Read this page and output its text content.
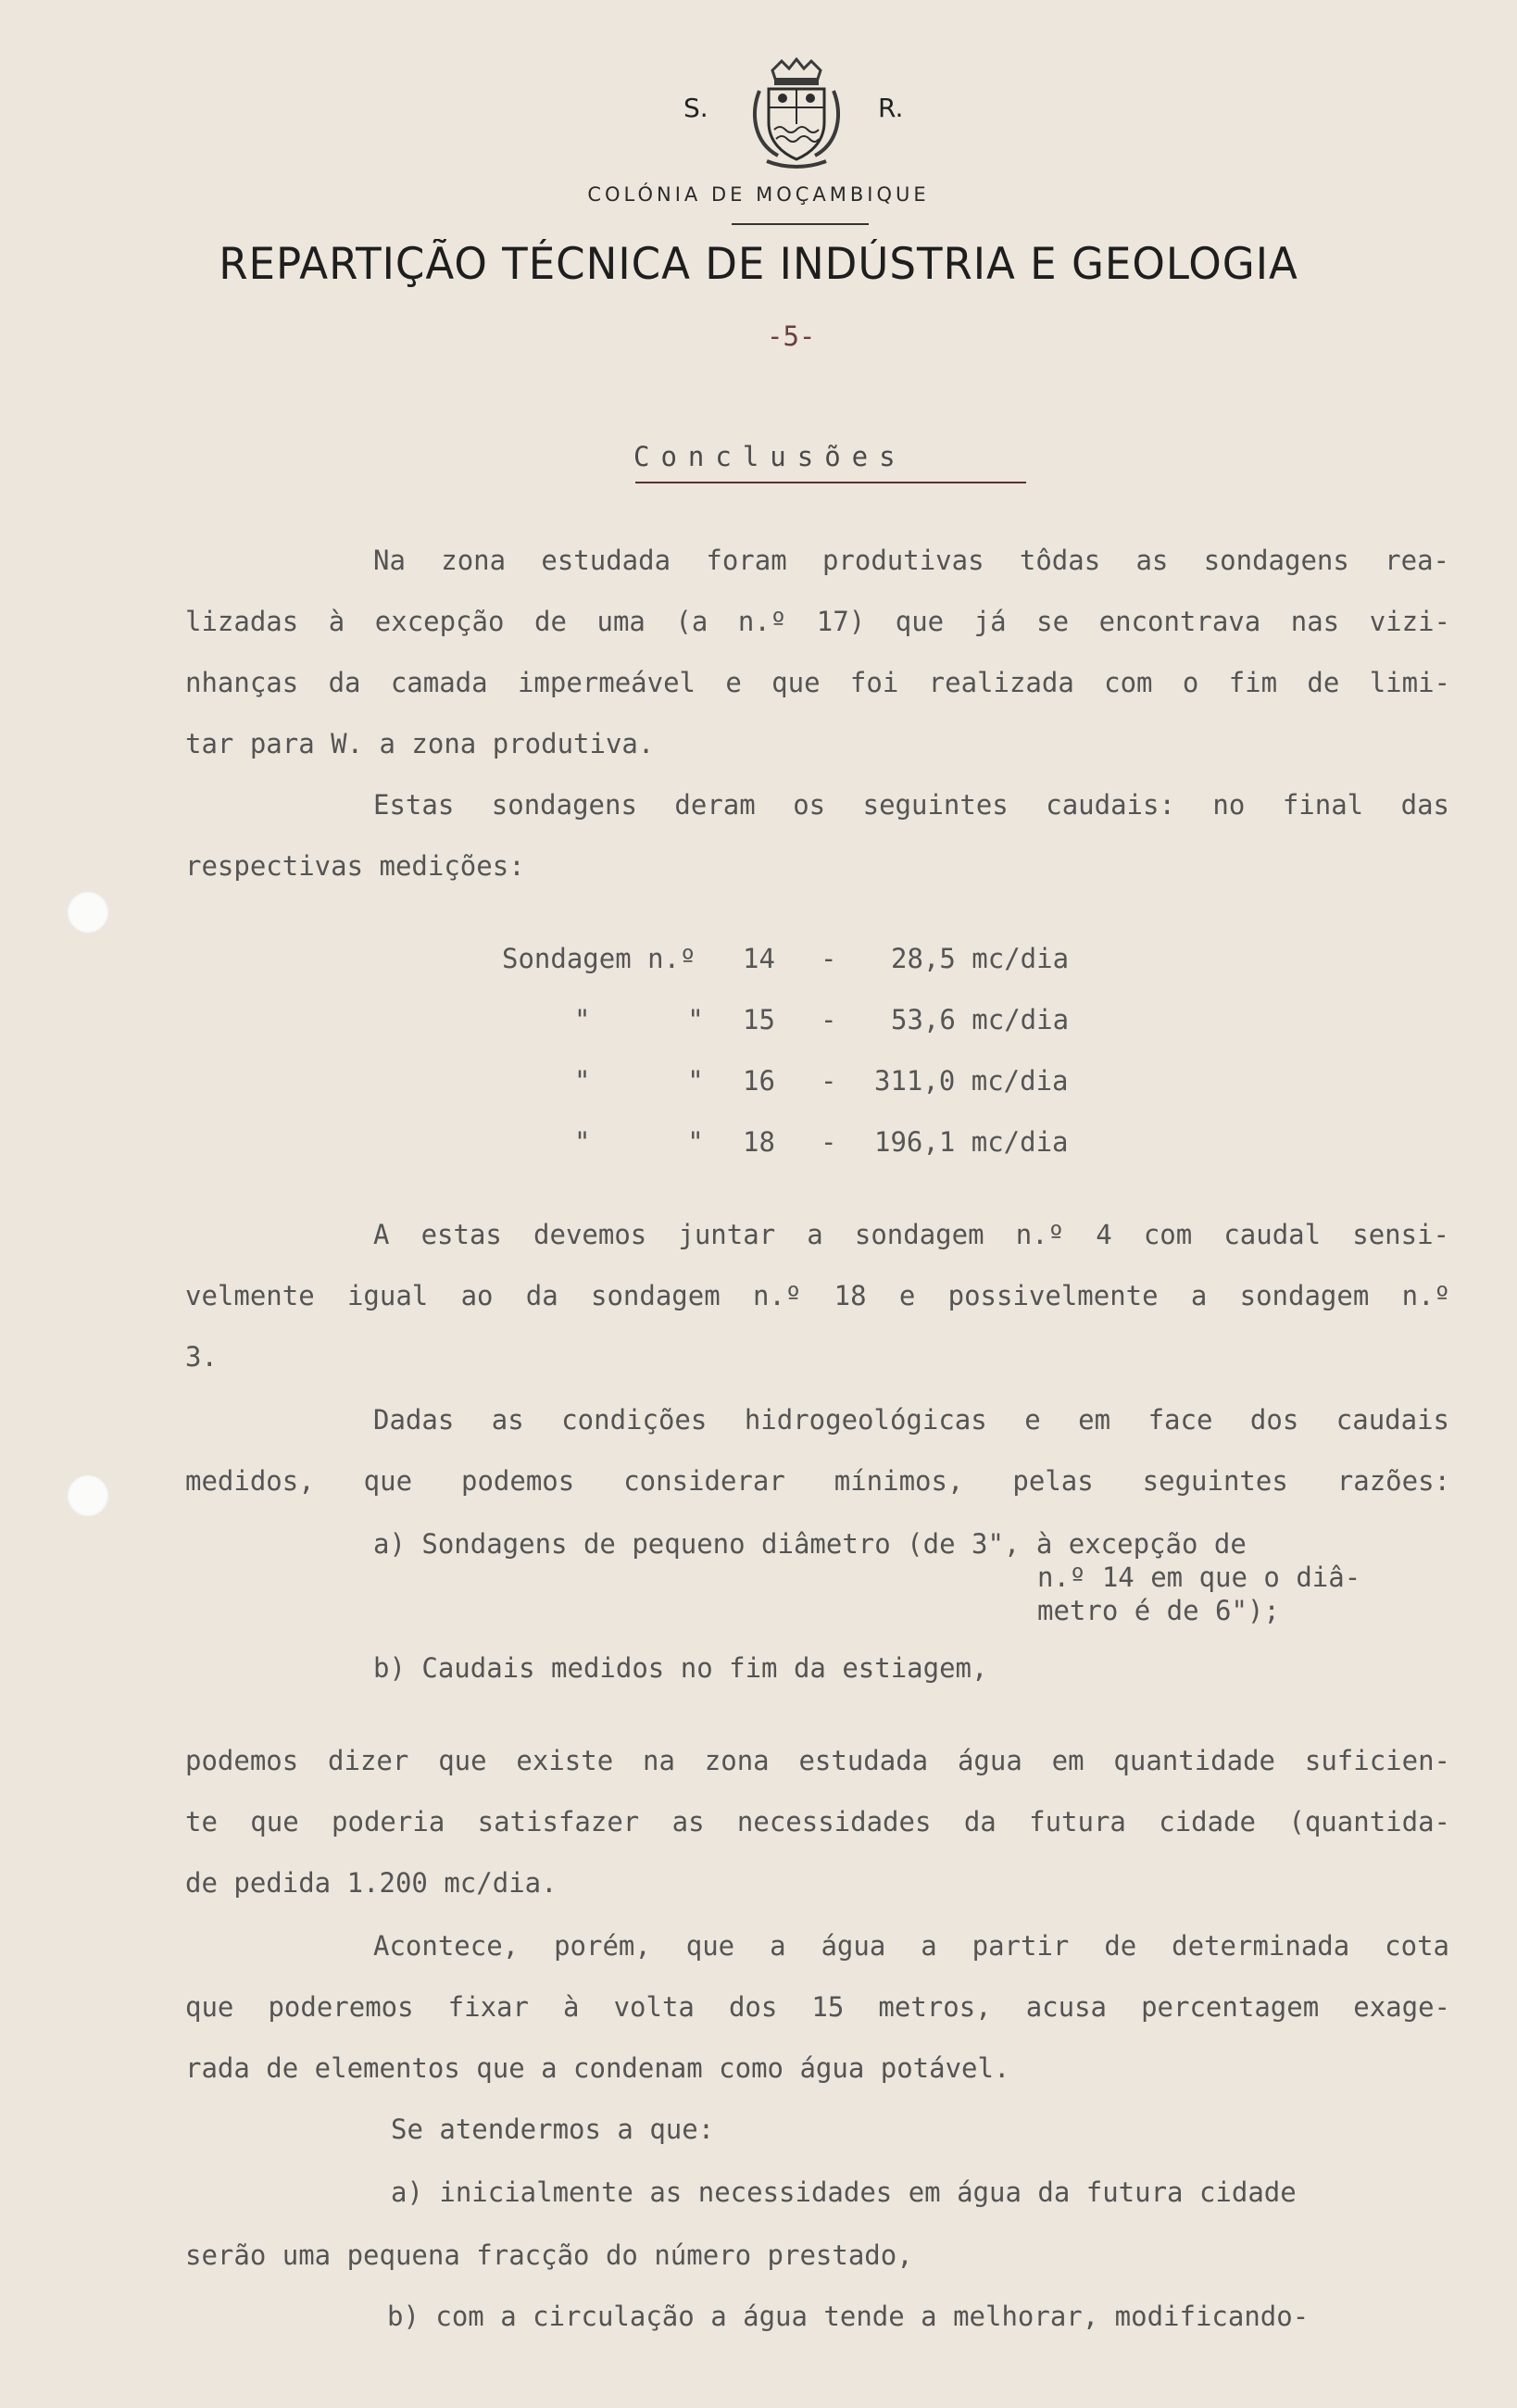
S.	R.
COLÓNIA DE MOÇAMBIQUE
REPARTIÇÃO TÉCNICA DE INDÚSTRIA E GEOLOGIA
-5-
Conclusões
Na zona estudada foram produtivas tôdas as sondagens rea-
lizadas à excepção de uma (a n.º 17) que já se encontrava nas vizi-
nhanças da camada impermeável e que foi realizada com o fim de limi-
tar para W. a zona produtiva.
Estas sondagens deram os seguintes caudais: no final das
respectivas medições:
Sondagem n.º 14 - 28,5 mc/dia
"      " 15 - 53,6 mc/dia
"      " 16 - 311,0 mc/dia
"      " 18 - 196,1 mc/dia
A estas devemos juntar a sondagem n.º 4 com caudal sensi-
velmente igual ao da sondagem n.º 18 e possivelmente a sondagem n.º
3.
Dadas as condições hidrogeológicas e em face dos caudais
medidos, que podemos considerar mínimos, pelas seguintes razões:
a) Sondagens de pequeno diâmetro (de 3", à excepção de
n.º 14 em que o diâ-
metro é de 6");
b) Caudais medidos no fim da estiagem,
podemos dizer que existe na zona estudada água em quantidade suficien-
te que poderia satisfazer as necessidades da futura cidade (quantida-
de pedida 1.200 mc/dia.
Acontece, porém, que a água a partir de determinada cota
que poderemos fixar à volta dos 15 metros, acusa percentagem exage-
rada de elementos que a condenam como água potável.
Se atendermos a que:
a) inicialmente as necessidades em água da futura cidade
serão uma pequena fracção do número prestado,
b) com a circulação a água tende a melhorar, modificando-
